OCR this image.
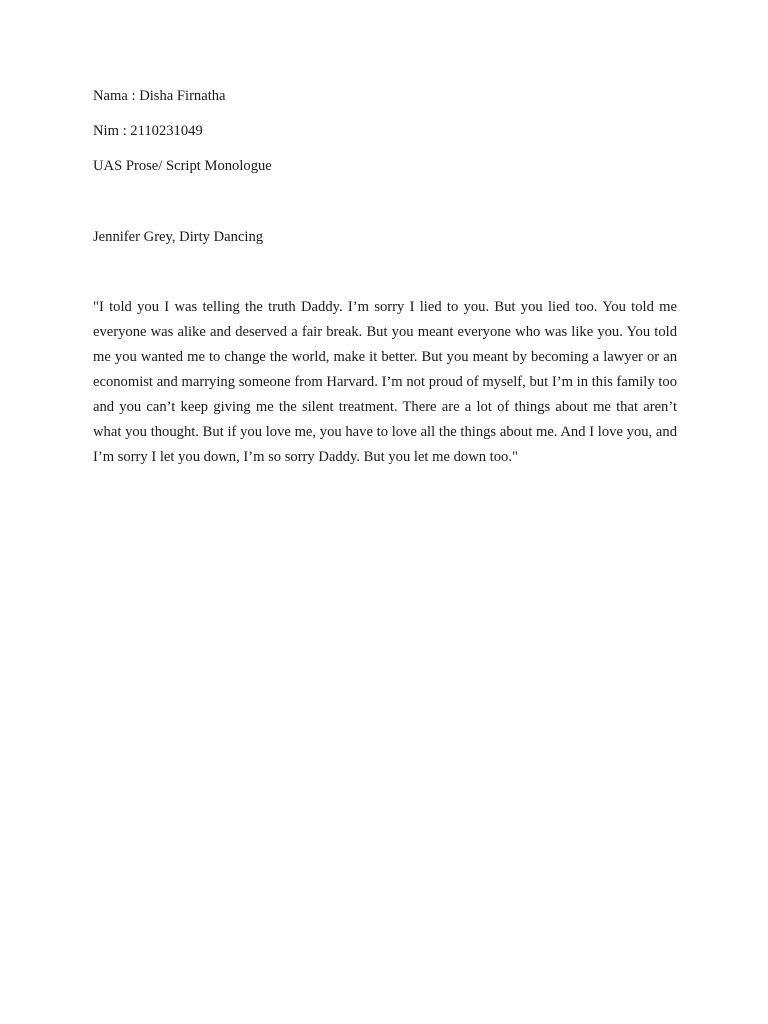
Nama : Disha Firnatha

Nim : 2110231049

UAS Prose/ Script Monologue

Jennifer Grey, Dirty Dancing

"I told you I was telling the truth Daddy. I’m sorry I lied to you. But you lied too. You told me everyone was alike and deserved a fair break. But you meant everyone who was like you. You told me you wanted me to change the world, make it better. But you meant by becoming a lawyer or an economist and marrying someone from Harvard. I’m not proud of myself, but I’m in this family too and you can’t keep giving me the silent treatment. There are a lot of things about me that aren’t what you thought. But if you love me, you have to love all the things about me. And I love you, and I’m sorry I let you down, I’m so sorry Daddy. But you let me down too."
